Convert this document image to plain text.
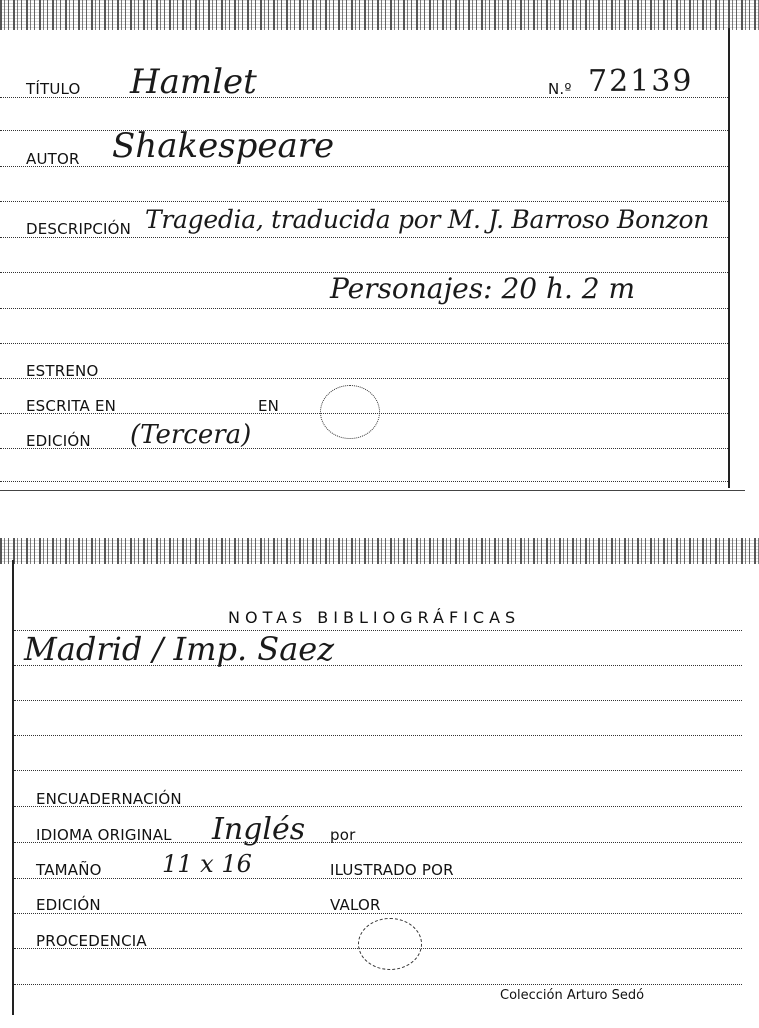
TÍTULO Hamlet	N.º 72139
AUTOR Shakespeare
DESCRIPCIÓN Tragedia, traducida por M. J. Barroso Bonzon
Personajes: 20 h. 2 m
ESTRENO
ESCRITA EN	EN
EDICIÓN (Tercera)
NOTAS BIBLIOGRÁFICAS
Madrid / Imp. Saez
ENCUADERNACIÓN
IDIOMA ORIGINAL Inglés por
TAMAÑO	11 x 16	ILUSTRADO POR
EDICIÓN	VALOR
PROCEDENCIA
Colección Arturo Sedó
